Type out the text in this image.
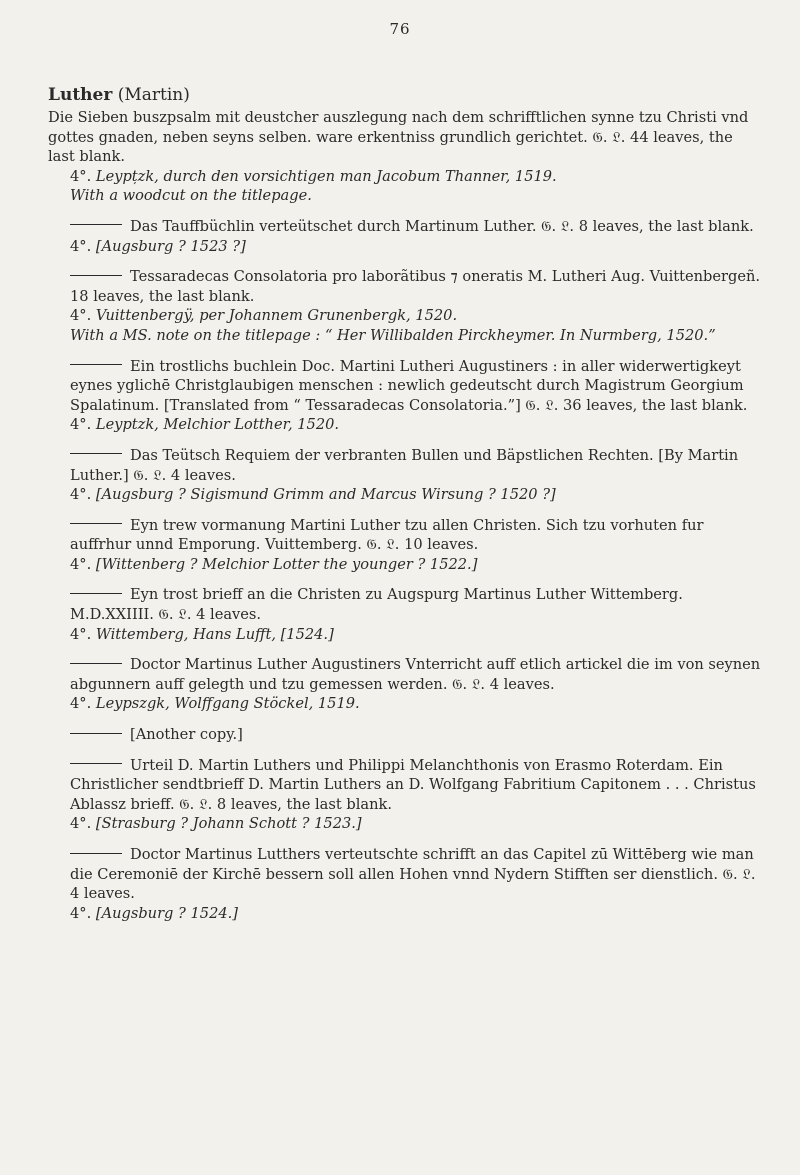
76
Luther (Martin)
Die Sieben buszpsalm mit deustcher auszlegung nach dem schrifftlichen synne tzu Christi vnd gottes gnaden, neben seyns selben. ware erkentniss grundlich gerichtet. 𝔊. 𝔏. 44 leaves, the last blank.
4°. Leypțzk, durch den vorsichtigen man Jacobum Thanner, 1519.
With a woodcut on the titlepage.
Das Tauffbüchlin verteütschet durch Martinum Luther. 𝔊. 𝔏. 8 leaves, the last blank.
4°. [Augsburg ? 1523 ?]
Tessaradecas Consolatoria pro laborãtibus ⁊ oneratis M. Lutheri Aug. Vuittenbergeñ. 18 leaves, the last blank.
4°. Vuittenbergÿ, per Johannem Grunenbergk, 1520.
With a MS. note on the titlepage : “ Her Willibalden Pirckheymer. In Nurmberg, 1520.”
Ein trostlichs buchlein Doc. Martini Lutheri Augustiners : in aller widerwertigkeyt eynes yglichē Christglaubigen menschen : newlich gedeutscht durch Magistrum Georgium Spalatinum. [Translated from “ Tessaradecas Consolatoria.”] 𝔊. 𝔏. 36 leaves, the last blank.
4°. Leyptzk, Melchior Lotther, 1520.
Das Teütsch Requiem der verbranten Bullen und Bäpstlichen Rechten. [By Martin Luther.] 𝔊. 𝔏. 4 leaves.
4°. [Augsburg ? Sigismund Grimm and Marcus Wirsung ? 1520 ?]
Eyn trew vormanung Martini Luther tzu allen Christen. Sich tzu vorhuten fur auffrhur unnd Emporung. Vuittemberg. 𝔊. 𝔏. 10 leaves.
4°. [Wittenberg ? Melchior Lotter the younger ? 1522.]
Eyn trost brieff an die Christen zu Augspurg Martinus Luther Wittemberg. M.D.XXIIII. 𝔊. 𝔏. 4 leaves.
4°. Wittemberg, Hans Lufft, [1524.]
Doctor Martinus Luther Augustiners Vnterricht auff etlich artickel die im von seynen abgunnern auff gelegth und tzu gemessen werden. 𝔊. 𝔏. 4 leaves.
4°. Leypszgk, Wolffgang Stöckel, 1519.
[Another copy.]
Urteil D. Martin Luthers und Philippi Melanchthonis von Erasmo Roterdam. Ein Christlicher sendtbrieff D. Martin Luthers an D. Wolfgang Fabritium Capitonem . . . Christus Ablassz brieff. 𝔊. 𝔏. 8 leaves, the last blank.
4°. [Strasburg ? Johann Schott ? 1523.]
Doctor Martinus Lutthers verteutschte schrifft an das Capitel zū Wittēberg wie man die Ceremoniē der Kirchē bessern soll allen Hohen vnnd Nydern Stifften ser dienstlich. 𝔊. 𝔏. 4 leaves.
4°. [Augsburg ? 1524.]
